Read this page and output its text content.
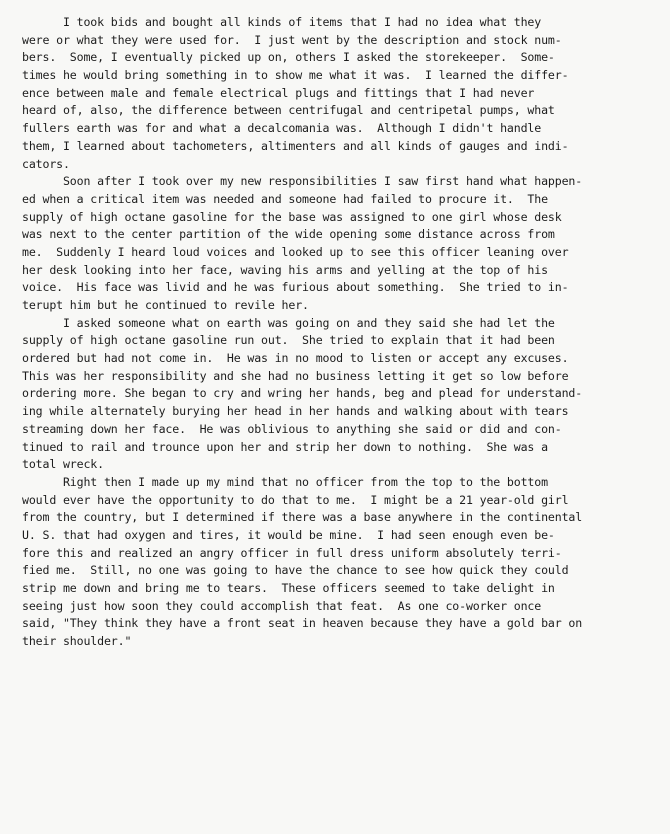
I took bids and bought all kinds of items that I had no idea what they
were or what they were used for.  I just went by the description and stock num-
bers.  Some, I eventually picked up on, others I asked the storekeeper.  Some-
times he would bring something in to show me what it was.  I learned the differ-
ence between male and female electrical plugs and fittings that I had never
heard of, also, the difference between centrifugal and centripetal pumps, what
fullers earth was for and what a decalcomania was.  Although I didn't handle
them, I learned about tachometers, altimenters and all kinds of gauges and indi-
cators.
Soon after I took over my new responsibilities I saw first hand what happen-
ed when a critical item was needed and someone had failed to procure it.  The
supply of high octane gasoline for the base was assigned to one girl whose desk
was next to the center partition of the wide opening some distance across from
me.  Suddenly I heard loud voices and looked up to see this officer leaning over
her desk looking into her face, waving his arms and yelling at the top of his
voice.  His face was livid and he was furious about something.  She tried to in-
terupt him but he continued to revile her.
I asked someone what on earth was going on and they said she had let the
supply of high octane gasoline run out.  She tried to explain that it had been
ordered but had not come in.  He was in no mood to listen or accept any excuses.
This was her responsibility and she had no business letting it get so low before
ordering more. She began to cry and wring her hands, beg and plead for understand-
ing while alternately burying her head in her hands and walking about with tears
streaming down her face.  He was oblivious to anything she said or did and con-
tinued to rail and trounce upon her and strip her down to nothing.  She was a
total wreck.
Right then I made up my mind that no officer from the top to the bottom
would ever have the opportunity to do that to me.  I might be a 21 year-old girl
from the country, but I determined if there was a base anywhere in the continental
U. S. that had oxygen and tires, it would be mine.  I had seen enough even be-
fore this and realized an angry officer in full dress uniform absolutely terri-
fied me.  Still, no one was going to have the chance to see how quick they could
strip me down and bring me to tears.  These officers seemed to take delight in
seeing just how soon they could accomplish that feat.  As one co-worker once
said, "They think they have a front seat in heaven because they have a gold bar on
their shoulder."
